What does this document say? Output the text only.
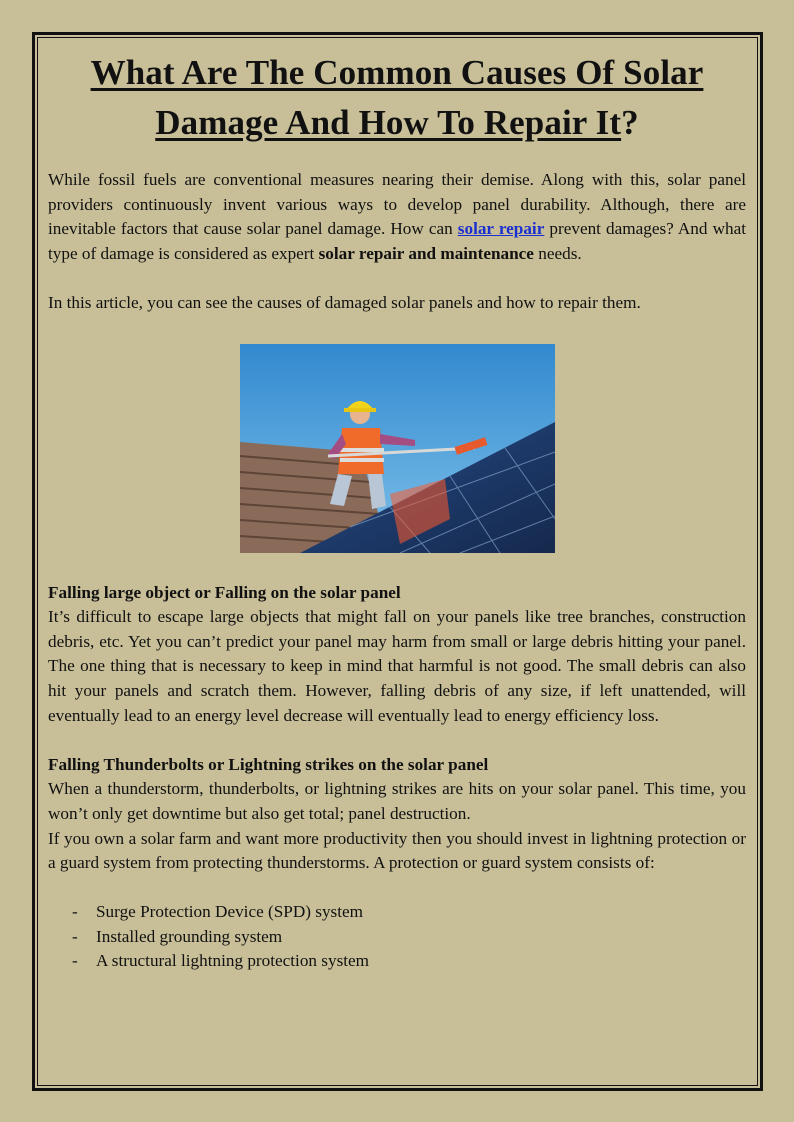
What Are The Common Causes Of Solar
Damage And How To Repair It?

While fossil fuels are conventional measures nearing their demise. Along with this, solar panel providers continuously invent various ways to develop panel durability. Although, there are inevitable factors that cause solar panel damage. How can solar repair prevent damages? And what type of damage is considered as expert solar repair and maintenance needs.

In this article, you can see the causes of damaged solar panels and how to repair them.

Falling large object or Falling on the solar panel

It’s difficult to escape large objects that might fall on your panels like tree branches, construction debris, etc. Yet you can’t predict your panel may harm from small or large debris hitting your panel. The one thing that is necessary to keep in mind that harmful is not good. The small debris can also hit your panels and scratch them. However, falling debris of any size, if left unattended, will eventually lead to an energy level decrease will eventually lead to energy efficiency loss.

Falling Thunderbolts or Lightning strikes on the solar panel

When a thunderstorm, thunderbolts, or lightning strikes are hits on your solar panel. This time, you won’t only get downtime but also get total; panel destruction.

If you own a solar farm and want more productivity then you should invest in lightning protection or a guard system from protecting thunderstorms. A protection or guard system consists of:

- Surge Protection Device (SPD) system
- Installed grounding system
- A structural lightning protection system
